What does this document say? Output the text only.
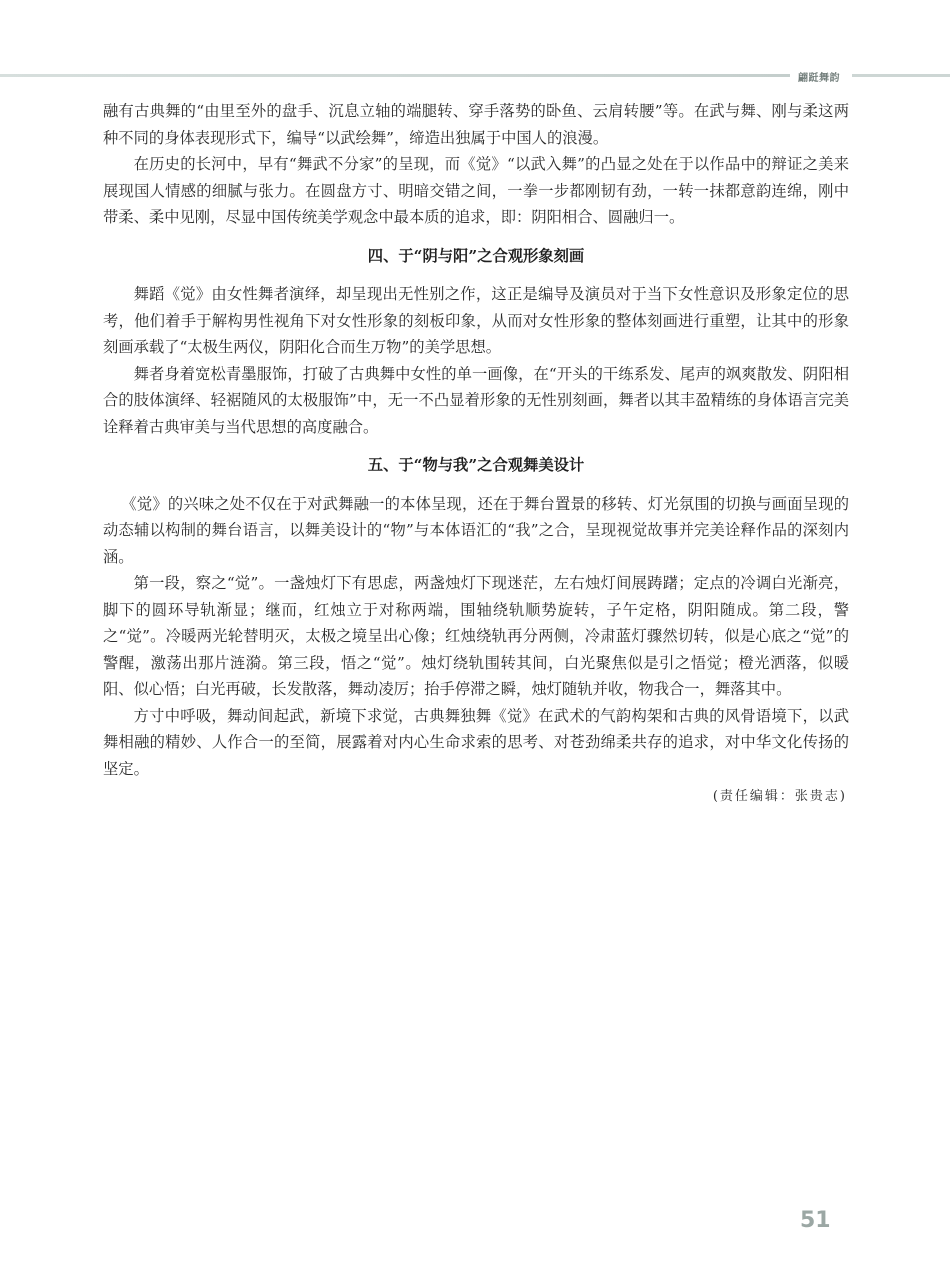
翩跹舞韵

融有古典舞的“由里至外的盘手、沉息立轴的端腿转、穿手落势的卧鱼、云肩转腰”等。在武与舞、刚与柔这两种不同的身体表现形式下，编导“以武绘舞”，缔造出独属于中国人的浪漫。

在历史的长河中，早有“舞武不分家”的呈现，而《觉》“以武入舞”的凸显之处在于以作品中的辩证之美来展现国人情感的细腻与张力。在圆盘方寸、明暗交错之间，一拳一步都刚韧有劲，一转一抹都意韵连绵，刚中带柔、柔中见刚，尽显中国传统美学观念中最本质的追求，即：阴阳相合、圆融归一。

四、于“阴与阳”之合观形象刻画

舞蹈《觉》由女性舞者演绎，却呈现出无性别之作，这正是编导及演员对于当下女性意识及形象定位的思考，他们着手于解构男性视角下对女性形象的刻板印象，从而对女性形象的整体刻画进行重塑，让其中的形象刻画承载了“太极生两仪，阴阳化合而生万物”的美学思想。

舞者身着宽松青墨服饰，打破了古典舞中女性的单一画像，在“开头的干练系发、尾声的飒爽散发、阴阳相合的肢体演绎、轻裾随风的太极服饰”中，无一不凸显着形象的无性别刻画，舞者以其丰盈精练的身体语言完美诠释着古典审美与当代思想的高度融合。

五、于“物与我”之合观舞美设计

《觉》的兴味之处不仅在于对武舞融一的本体呈现，还在于舞台置景的移转、灯光氛围的切换与画面呈现的动态辅以构制的舞台语言，以舞美设计的“物”与本体语汇的“我”之合，呈现视觉故事并完美诠释作品的深刻内涵。

第一段，察之“觉”。一盏烛灯下有思虑，两盏烛灯下现迷茫，左右烛灯间展踌躇；定点的冷调白光渐亮，脚下的圆环导轨渐显；继而，红烛立于对称两端，围轴绕轨顺势旋转，子午定格，阴阳随成。第二段，警之“觉”。冷暖两光轮替明灭，太极之境呈出心像；红烛绕轨再分两侧，冷肃蓝灯骤然切转，似是心底之“觉”的警醒，激荡出那片涟漪。第三段，悟之“觉”。烛灯绕轨围转其间，白光聚焦似是引之悟觉；橙光洒落，似暖阳、似心悟；白光再破，长发散落，舞动凌厉；抬手停滞之瞬，烛灯随轨并收，物我合一，舞落其中。

方寸中呼吸，舞动间起武，新境下求觉，古典舞独舞《觉》在武术的气韵构架和古典的风骨语境下，以武舞相融的精妙、人作合一的至简，展露着对内心生命求索的思考、对苍劲绵柔共存的追求，对中华文化传扬的坚定。

(责任编辑：张贵志)
51
